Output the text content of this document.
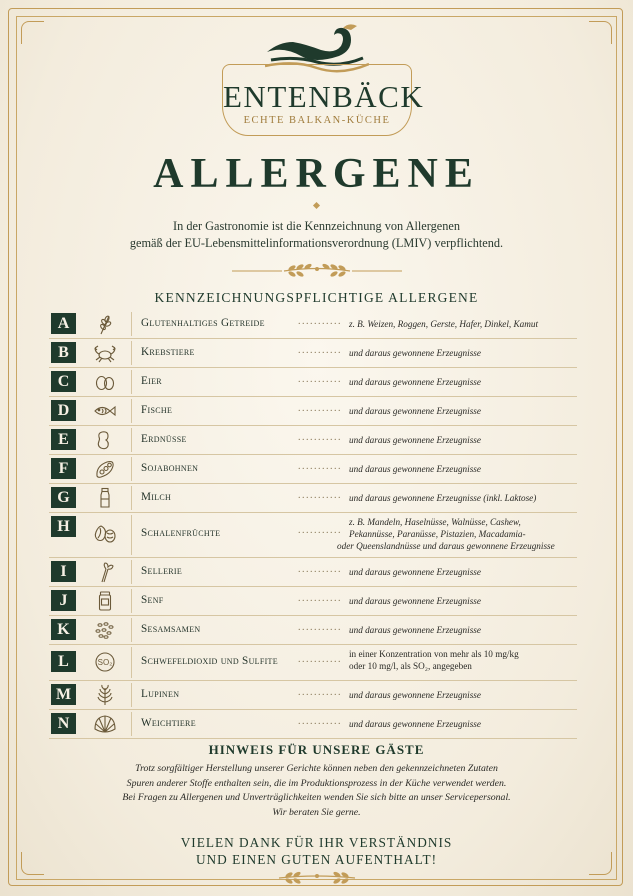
ENTENBÄCK
ECHTE BALKAN-KÜCHE
ALLERGENE
In der Gastronomie ist die Kennzeichnung von Allergenen
gemäß der EU-Lebensmittelinformationsverordnung (LMIV) verpflichtend.
KENNZEICHNUNGSPFLICHTIGE ALLERGENE
A	Glutenhaltiges Getreide	........... z. B. Weizen, Roggen, Gerste, Hafer, Dinkel, Kamut
B	Krebstiere	........... und daraus gewonnene Erzeugnisse
C	Eier	........... und daraus gewonnene Erzeugnisse
D	Fische	........... und daraus gewonnene Erzeugnisse
E	Erdnüsse	........... und daraus gewonnene Erzeugnisse
F	Sojabohnen	........... und daraus gewonnene Erzeugnisse
G	Milch	........... und daraus gewonnene Erzeugnisse (inkl. Laktose)
H	Schalenfrüchte	...........
z. B. Mandeln, Haselnüsse, Walnüsse, Cashew,
Pekannüsse, Paranüsse, Pistazien, Macadamia-
oder Queenslandnüsse und daraus gewonnene Erzeugnisse
I	Sellerie	........... und daraus gewonnene Erzeugnisse
J	Senf	........... und daraus gewonnene Erzeugnisse
K	Sesamsamen	........... und daraus gewonnene Erzeugnisse
L	SO₂	Schwefeldioxid und Sulfite ........... in einer Konzentration von mehr als 10 mg/kg
oder 10 mg/l, als SO₂, angegeben
M	Lupinen	........... und daraus gewonnene Erzeugnisse
N	Weichtiere	........... und daraus gewonnene Erzeugnisse
HINWEIS FÜR UNSERE GÄSTE
Trotz sorgfältiger Herstellung unserer Gerichte können neben den gekennzeichneten Zutaten
Spuren anderer Stoffe enthalten sein, die im Produktionsprozess in der Küche verwendet werden.
Bei Fragen zu Allergenen und Unverträglichkeiten wenden Sie sich bitte an unser Servicepersonal.
Wir beraten Sie gerne.
VIELEN DANK FÜR IHR VERSTÄNDNIS
UND EINEN GUTEN AUFENTHALT!
